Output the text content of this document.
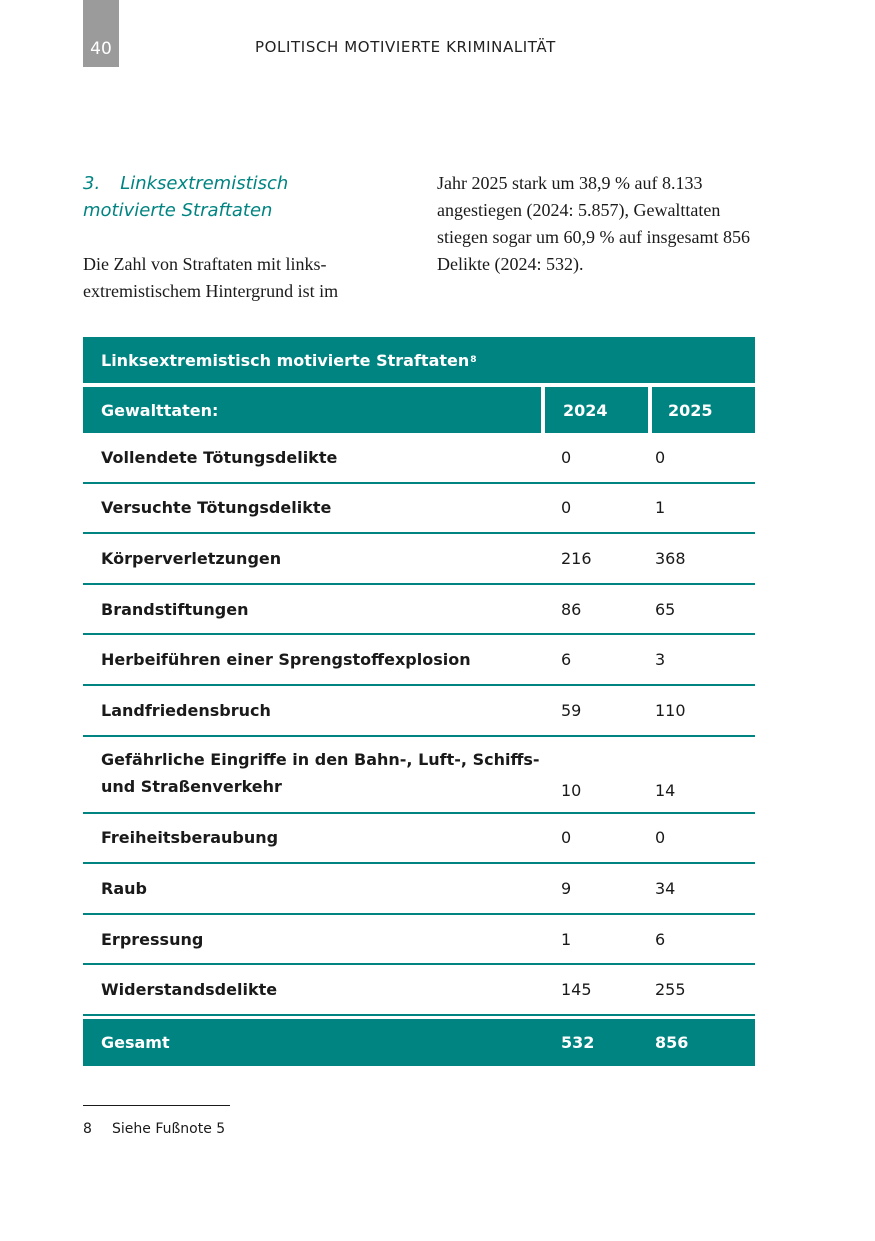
40	POLITISCH MOTIVIERTE KRIMINALITÄT
3. Linksextremistisch motivierte Straftaten
Die Zahl von Straftaten mit links-extremistischem Hintergrund ist im
Jahr 2025 stark um 38,9 % auf 8.133 angestiegen (2024: 5.857), Gewalttaten stiegen sogar um 60,9 % auf insgesamt 856 Delikte (2024: 532).
Linksextremistisch motivierte Straftaten 8
Gewalttaten:	2024	2025
Vollendete Tötungsdelikte	0	0
Versuchte Tötungsdelikte	0	1
Körperverletzungen	216	368
Brandstiftungen	86	65
Herbeiführen einer Sprengstoffexplosion	6	3
Landfriedensbruch	59	110
Gefährliche Eingriffe in den Bahn-, Luft-, Schiffs- und Straßenverkehr	10	14
Freiheitsberaubung	0	0
Raub	9	34
Erpressung	1	6
Widerstandsdelikte	145	255
Gesamt	532	856
8 Siehe Fußnote 5
